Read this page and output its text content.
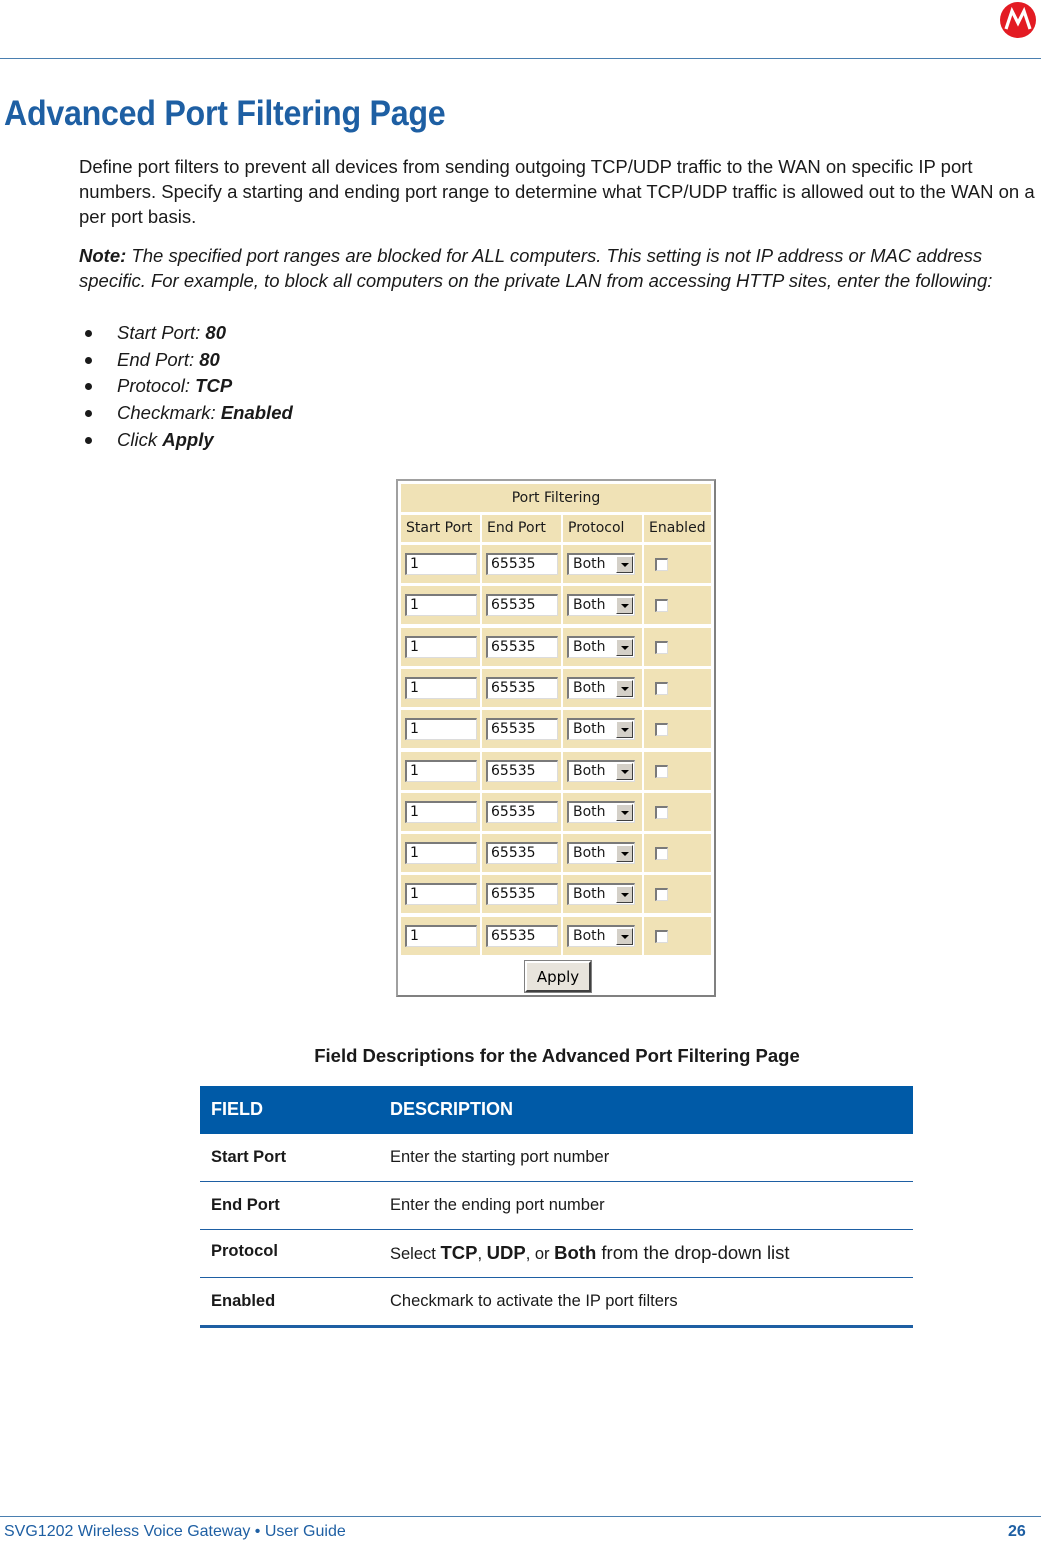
Advanced Port Filtering Page

Define port filters to prevent all devices from sending outgoing TCP/UDP traffic to the WAN on specific IP port numbers. Specify a starting and ending port range to determine what TCP/UDP traffic is allowed out to the WAN on a per port basis.

Note: The specified port ranges are blocked for ALL computers. This setting is not IP address or MAC address specific. For example, to block all computers on the private LAN from accessing HTTP sites, enter the following:

Start Port: 80
End Port: 80
Protocol: TCP
Checkmark: Enabled
Click Apply
Port Filtering
Start Port	End Port	Protocol	Enabled
Apply
1	65535	Both
1	65535	Both
1	65535	Both
1	65535	Both
1	65535	Both
1	65535	Both
1	65535	Both
1	65535	Both
1	65535	Both
1	65535	Both
Field Descriptions for the Advanced Port Filtering Page
FIELD	DESCRIPTION
Start Port	Enter the starting port number
End Port	Enter the ending port number
Protocol	Select TCP, UDP, or Both from the drop-down list
Enabled	Checkmark to activate the IP port filters
SVG1202 Wireless Voice Gateway • User Guide	26
